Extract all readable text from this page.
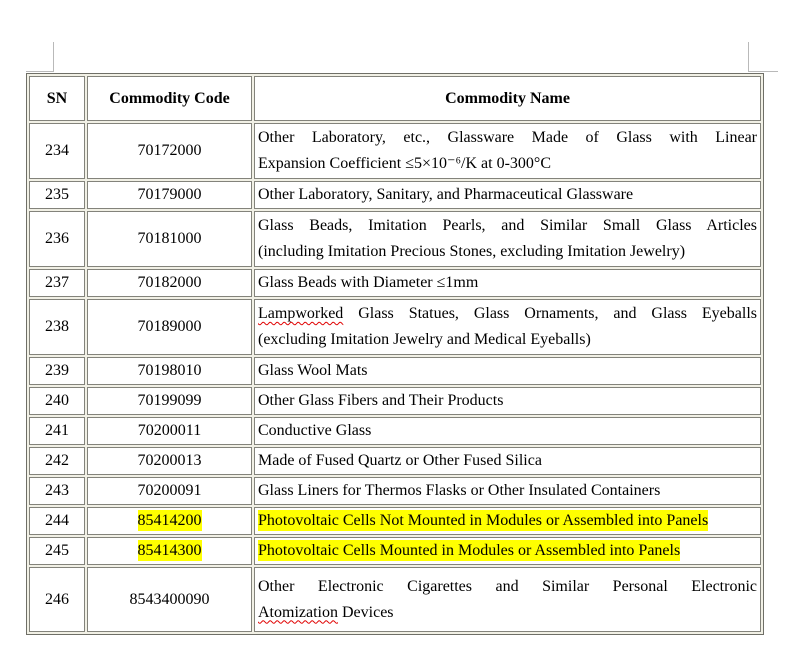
SN	Commodity Code	Commodity Name
234	70172000	Other Laboratory, etc., Glassware Made of Glass with Linear
Expansion Coefficient ≤5×10⁻⁶/K at 0-300°C

235	70179000	Other Laboratory, Sanitary, and Pharmaceutical Glassware
236	70181000	Glass Beads, Imitation Pearls, and Similar Small Glass Articles
(including Imitation Precious Stones, excluding Imitation Jewelry)

237	70182000	Glass Beads with Diameter ≤1mm
238	70189000	Lampworked Glass Statues, Glass Ornaments, and Glass Eyeballs
(excluding Imitation Jewelry and Medical Eyeballs)

239	70198010	Glass Wool Mats
240	70199099	Other Glass Fibers and Their Products
241	70200011	Conductive Glass
242	70200013	Made of Fused Quartz or Other Fused Silica
243	70200091	Glass Liners for Thermos Flasks or Other Insulated Containers
244	85414200	Photovoltaic Cells Not Mounted in Modules or Assembled into Panels
245	85414300	Photovoltaic Cells Mounted in Modules or Assembled into Panels
246	8543400090	Other Electronic Cigarettes and Similar Personal Electronic
Atomization Devices
